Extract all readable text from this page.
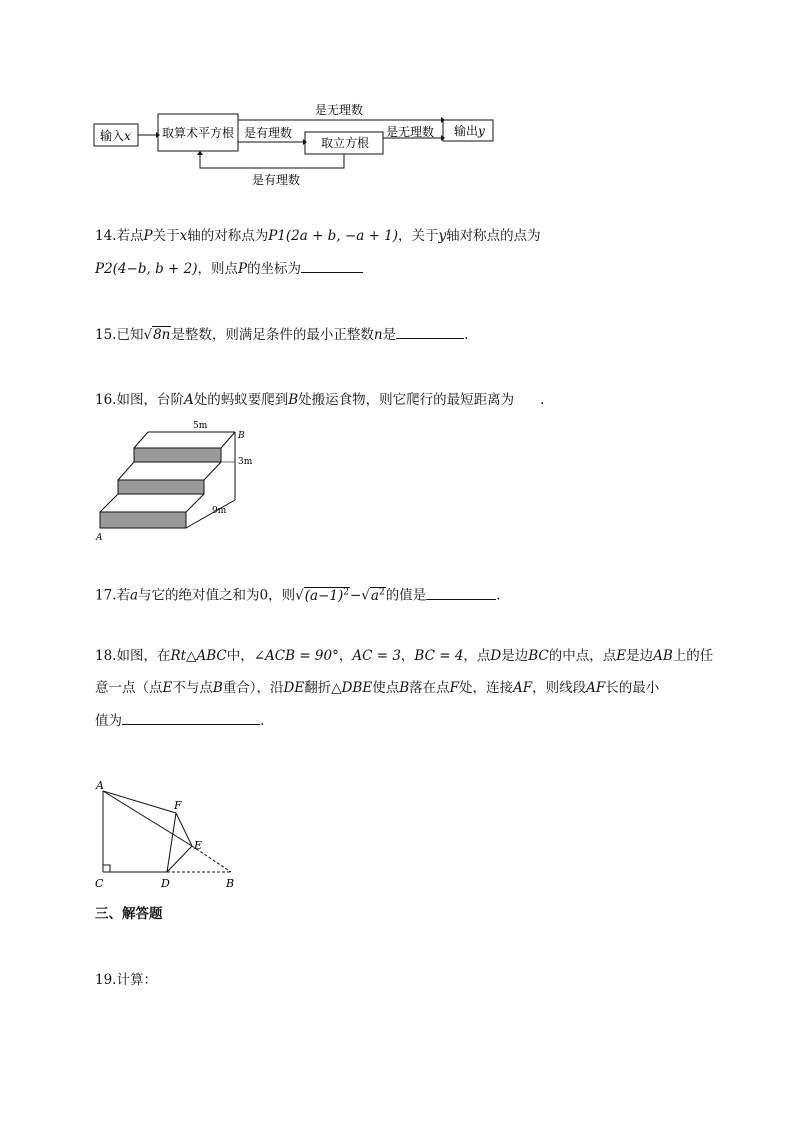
输入x	取算术平方根
取立方根
输出y
是无理数
是无理数
是有理数
是有理数
14.若点P关于x轴的对称点为P1(2a + b, −a + 1)，关于y轴对称点的点为
P2(4−b, b + 2)，则点P的坐标为
15.已知√8n是整数，则满足条件的最小正整数n是	.
16.如图，台阶A处的蚂蚁要爬到B处搬运食物，则它爬行的最短距离为 .
5m
3m
9m
B
A
17.若a与它的绝对值之和为0，则$√(a-1)^2-√a^2$的值是	.
18.如图，在Rt△ABC中，∠ACB = 90°，AC = 3，BC = 4，点D是边BC的中点，点E是边AB上的任
意一点（点E不与点B重合），沿DE翻折△DBE使点B落在点F处，连接AF，则线段AF长的最小
值为	.
A
F
E
C	D	B
三、解答题
19.计算：
